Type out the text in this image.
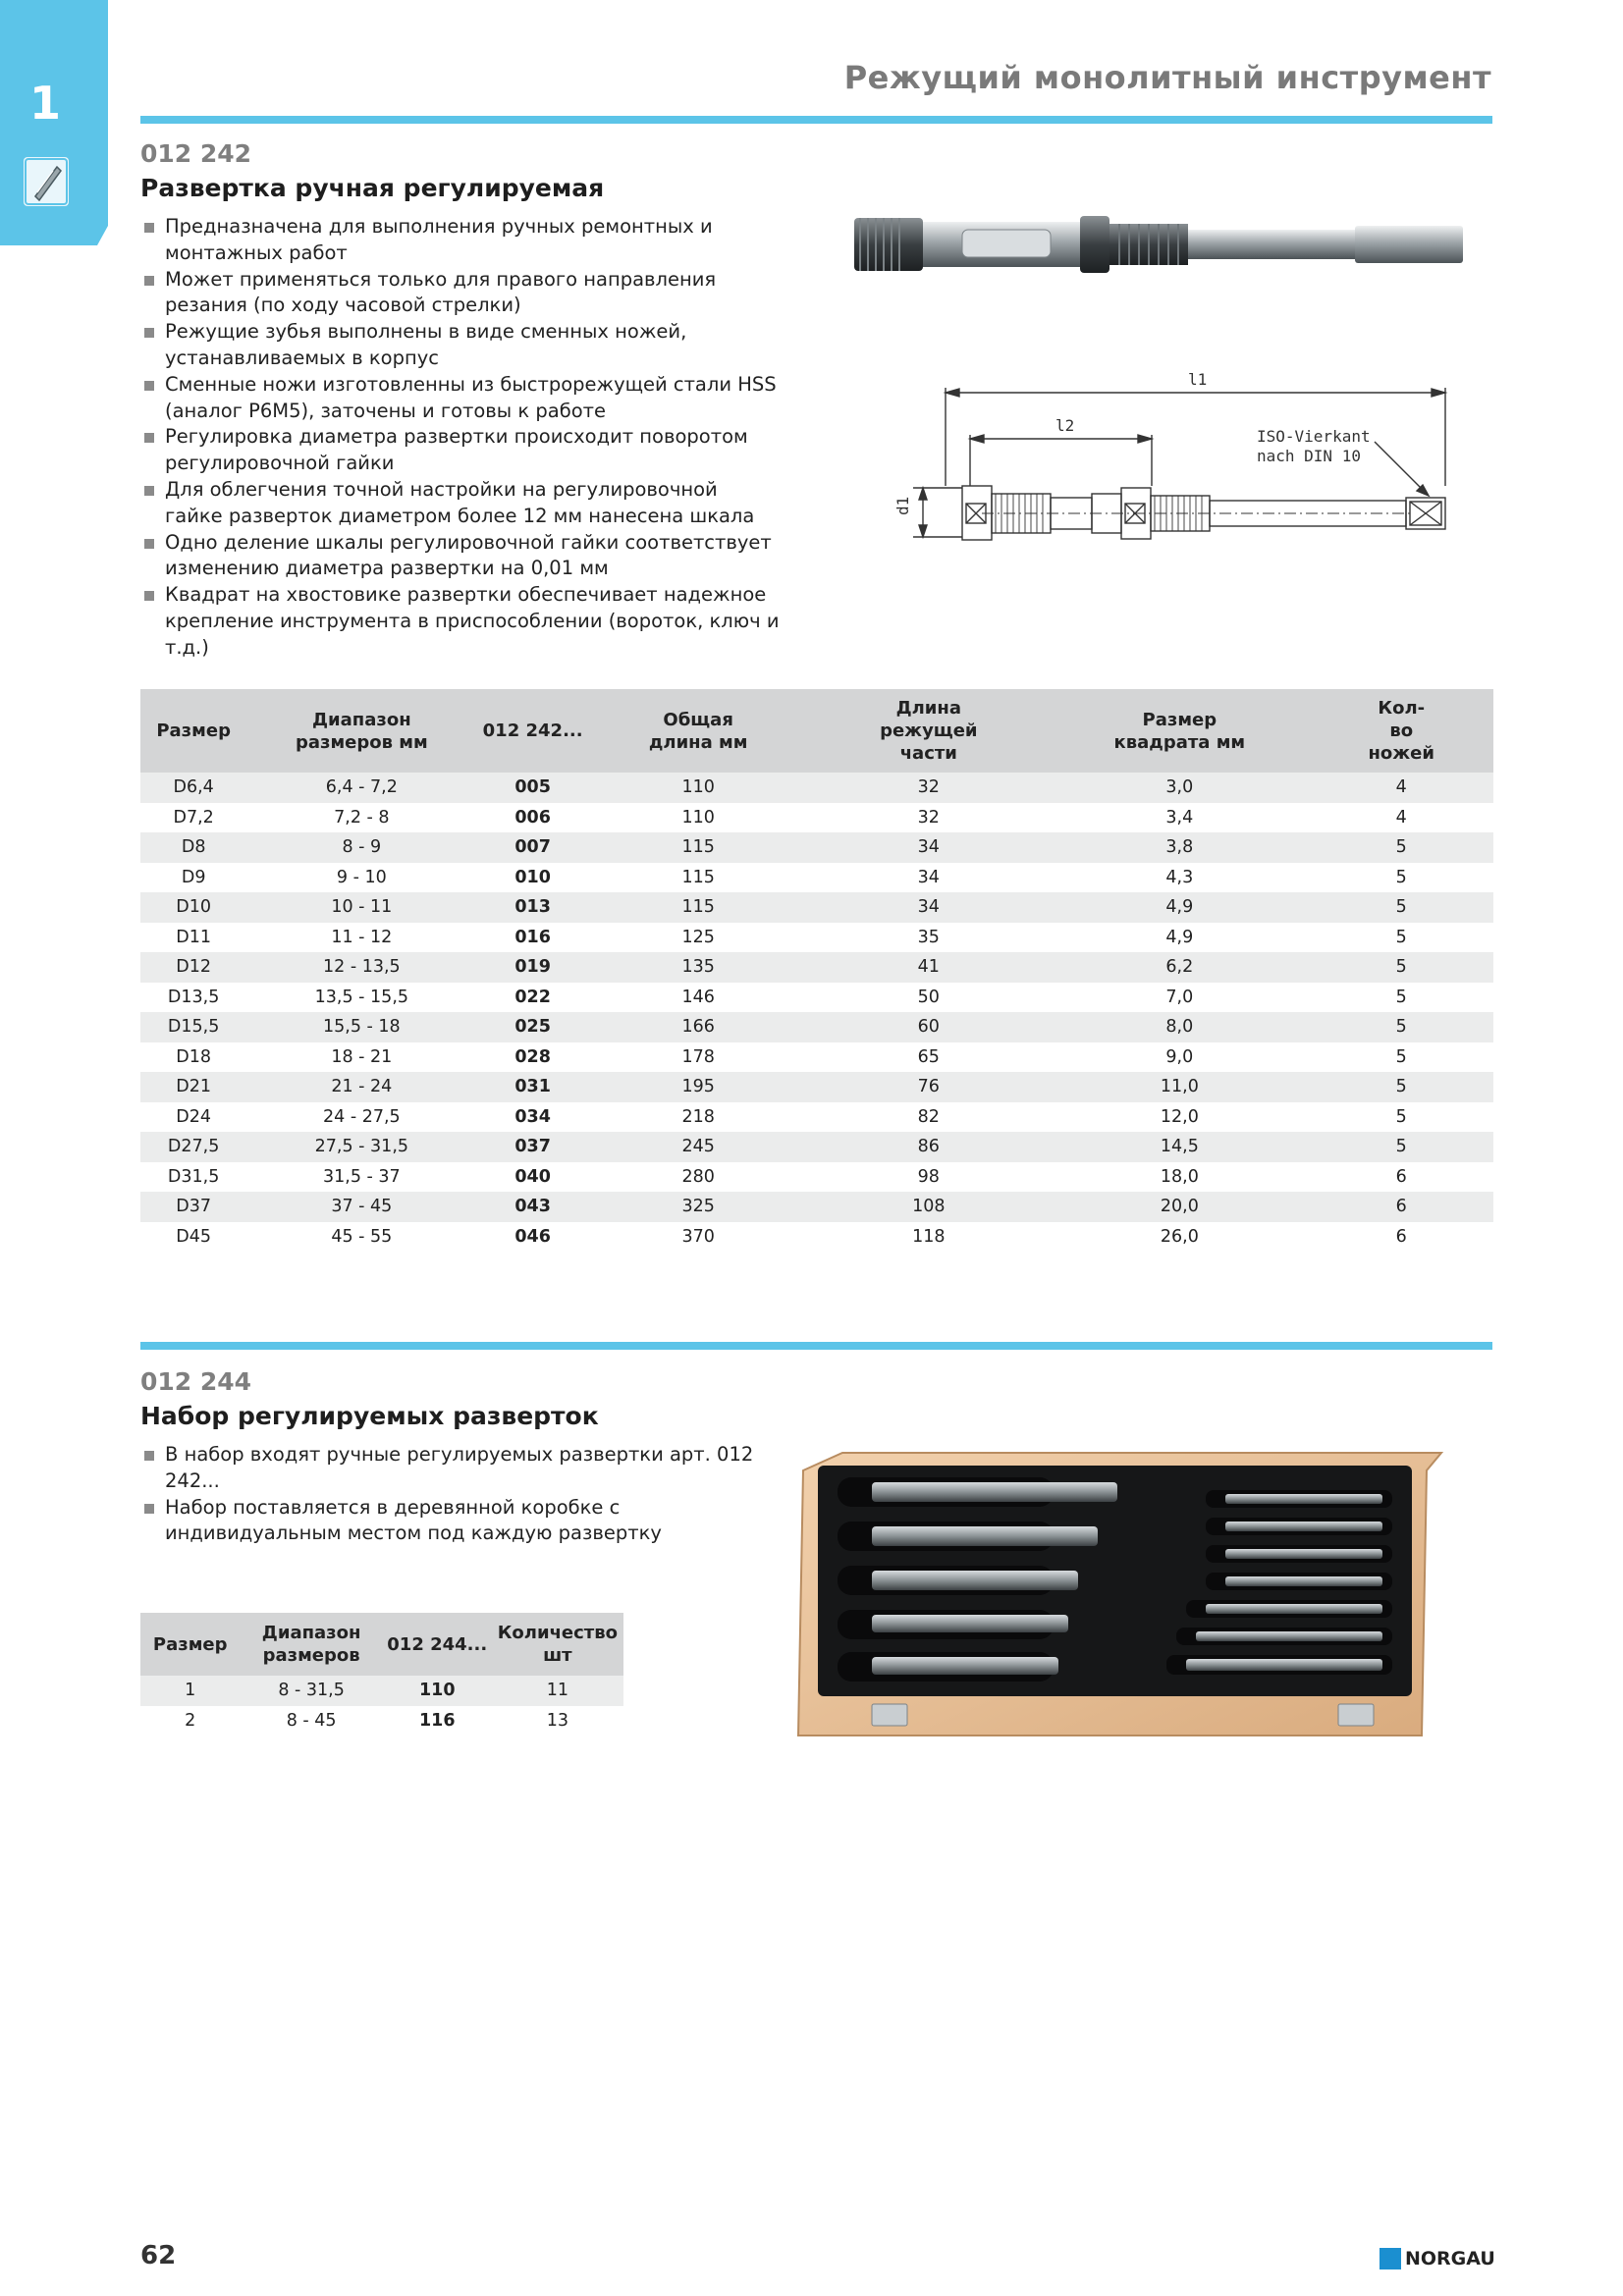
1	Режущий монолитный инструмент
012 242
Развертка ручная регулируемая
Предназначена для выполнения ручных ремонтных и монтажных работ
Может применяться только для правого направления резания (по ходу часовой стрелки)
Режущие зубья выполнены в виде сменных ножей, устанавливаемых в корпус
Сменные ножи изготовленны из быстрорежущей стали HSS (аналог Р6М5), заточены и готовы к работе
Регулировка диаметра развертки происходит поворотом регулировочной гайки
Для облегчения точной настройки на регулировочной гайке разверток диаметром более 12 мм нанесена шкала
Одно деление шкалы регулировочной гайки соответствует изменению диаметра развертки на 0,01 мм
Квадрат на хвостовике развертки обеспечивает надежное крепление инструмента в приспособлении (вороток, ключ и т.д.)
l1
l2
d1
ISO-Vierkant
nach DIN 10
Размер	Диапазон размеров мм	012 242...	Общая длина мм	Длина режущей части	Размер квадрата мм	Кол-во ножей
D6,4	6,4 - 7,2	005	110	32	3,0	4
D7,2	7,2 - 8	006	110	32	3,4	4
D8	8 - 9	007	115	34	3,8	5
D9	9 - 10	010	115	34	4,3	5
D10	10 - 11	013	115	34	4,9	5
D11	11 - 12	016	125	35	4,9	5
D12	12 - 13,5	019	135	41	6,2	5
D13,5	13,5 - 15,5	022	146	50	7,0	5
D15,5	15,5 - 18	025	166	60	8,0	5
D18	18 - 21	028	178	65	9,0	5
D21	21 - 24	031	195	76	11,0	5
D24	24 - 27,5	034	218	82	12,0	5
D27,5	27,5 - 31,5	037	245	86	14,5	5
D31,5	31,5 - 37	040	280	98	18,0	6
D37	37 - 45	043	325	108	20,0	6
D45	45 - 55	046	370	118	26,0	6
012 244
Набор регулируемых разверток
В набор входят ручные регулируемых развертки арт. 012 242...
Набор поставляется в деревянной коробке с индивидуальным местом под каждую развертку
Размер	Диапазон размеров	012 244...	Количество шт
1	8 - 31,5	110	11
2	8 - 45	116	13
62	NORGAU
